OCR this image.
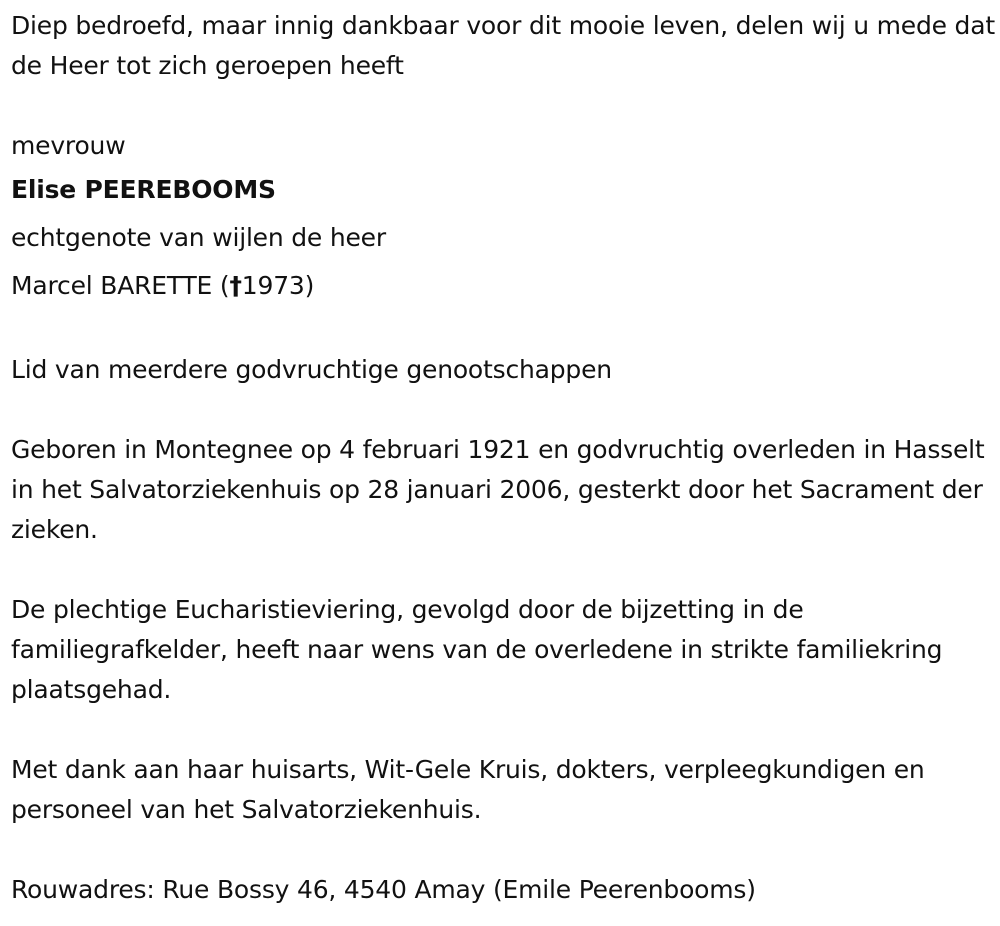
Diep bedroefd, maar innig dankbaar voor dit mooie leven, delen wij u mede dat de Heer tot zich geroepen heeft

mevrouw
Elise PEEREBOOMS
echtgenote van wijlen de heer
Marcel BARETTE (†1973)

Lid van meerdere godvruchtige genootschappen

Geboren in Montegnee op 4 februari 1921 en godvruchtig overleden in Hasselt in het Salvatorziekenhuis op 28 januari 2006, gesterkt door het Sacrament der zieken.

De plechtige Eucharistieviering, gevolgd door de bijzetting in de familiegrafkelder, heeft naar wens van de overledene in strikte familiekring plaatsgehad.

Met dank aan haar huisarts, Wit-Gele Kruis, dokters, verpleegkundigen en personeel van het Salvatorziekenhuis.

Rouwadres: Rue Bossy 46, 4540 Amay (Emile Peerenbooms)
